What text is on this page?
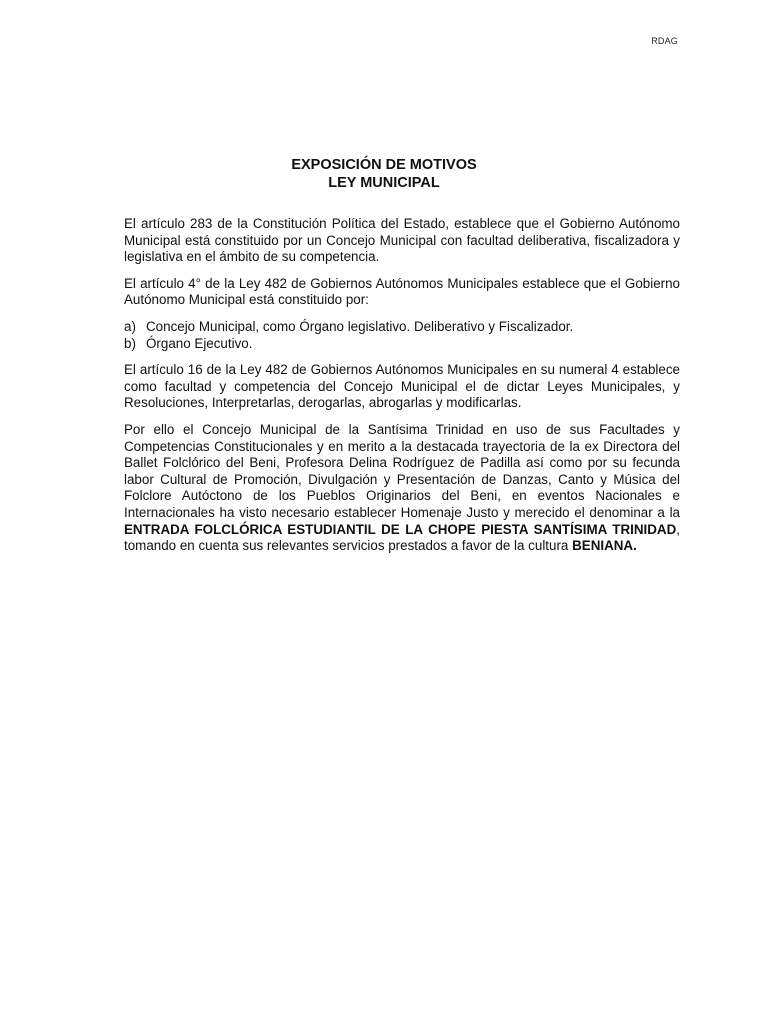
RDAG
EXPOSICIÓN DE MOTIVOS
LEY MUNICIPAL

El artículo 283 de la Constitución Política del Estado, establece que el Gobierno Autónomo Municipal está constituido por un Concejo Municipal con facultad deliberativa, fiscalizadora y legislativa en el ámbito de su competencia.

El artículo 4° de la Ley 482 de Gobiernos Autónomos Municipales establece que el Gobierno Autónomo Municipal está constituido por:

a) Concejo Municipal, como Órgano legislativo. Deliberativo y Fiscalizador.
b) Órgano Ejecutivo.

El artículo 16 de la Ley 482 de Gobiernos Autónomos Municipales en su numeral 4 establece como facultad y competencia del Concejo Municipal el de dictar Leyes Municipales, y Resoluciones, Interpretarlas, derogarlas, abrogarlas y modificarlas.

Por ello el Concejo Municipal de la Santísima Trinidad en uso de sus Facultades y Competencias Constitucionales y en merito a la destacada trayectoria de la ex Directora del Ballet Folclórico del Beni, Profesora Delina Rodríguez de Padilla así como por su fecunda labor Cultural de Promoción, Divulgación y Presentación de Danzas, Canto y Música del Folclore Autóctono de los Pueblos Originarios del Beni, en eventos Nacionales e Internacionales ha visto necesario establecer Homenaje Justo y merecido el denominar a la ENTRADA FOLCLÓRICA ESTUDIANTIL DE LA CHOPE PIESTA SANTÍSIMA TRINIDAD, tomando en cuenta sus relevantes servicios prestados a favor de la cultura BENIANA.
